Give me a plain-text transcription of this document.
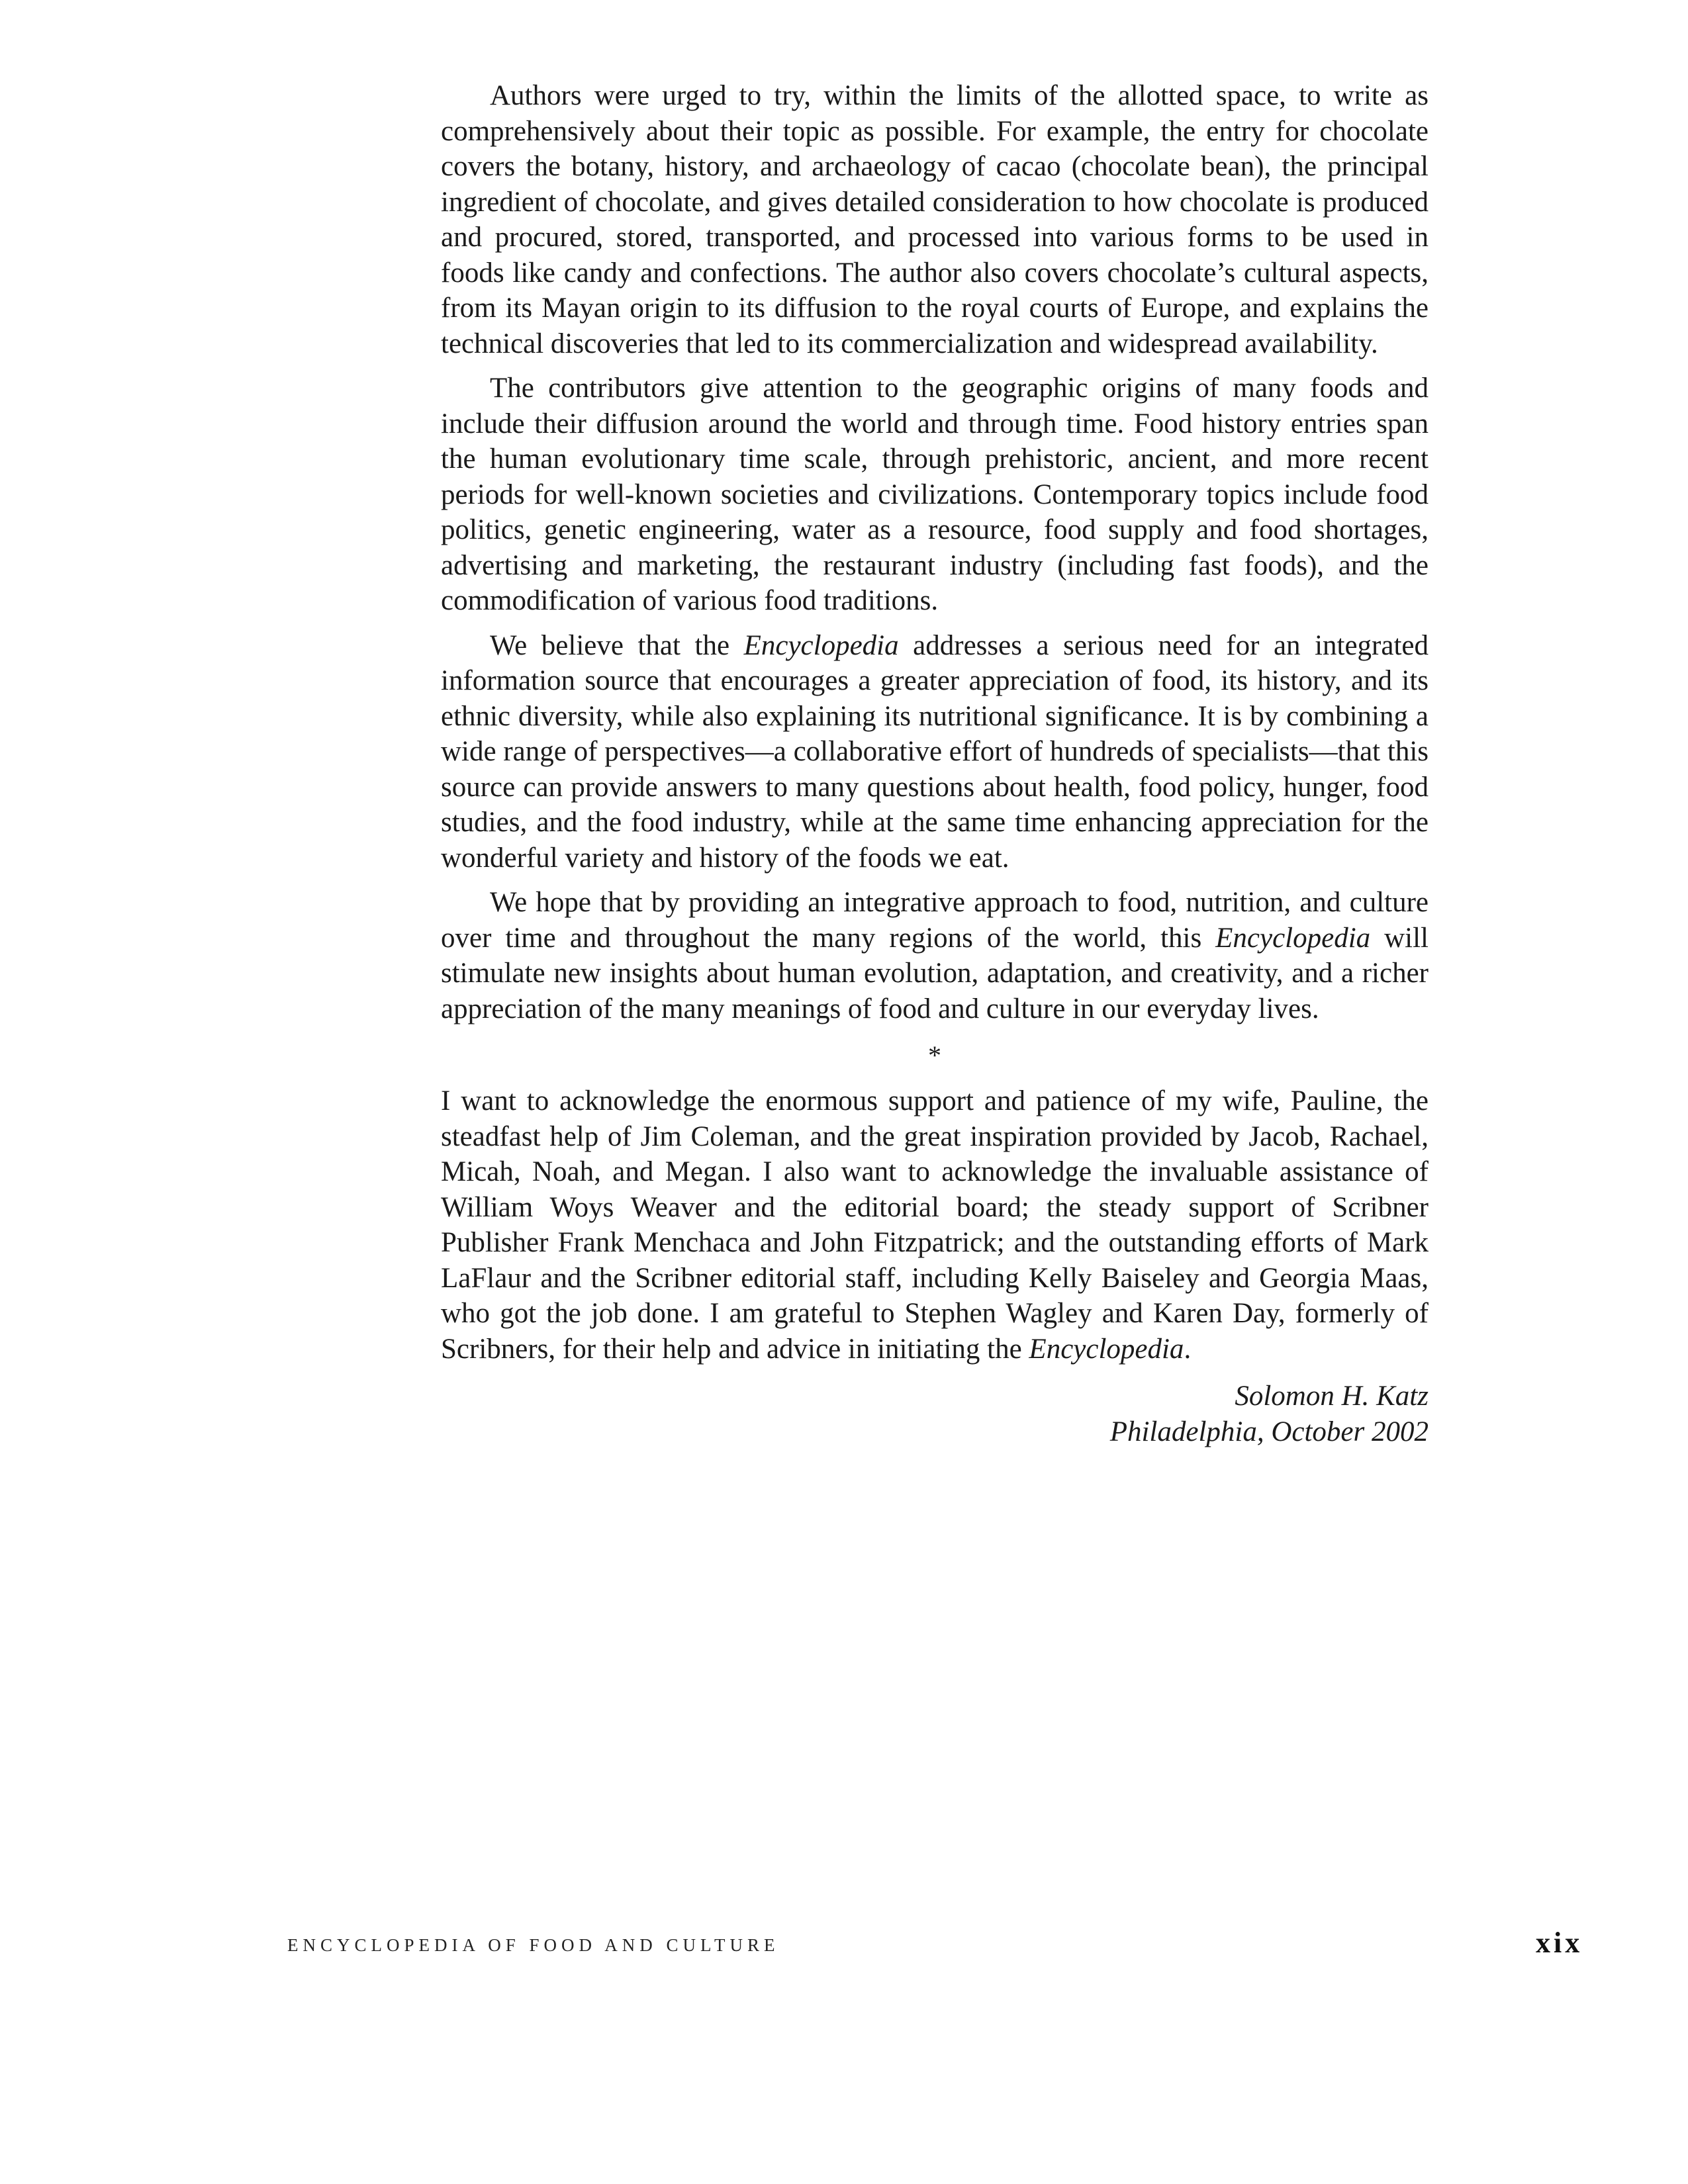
Authors were urged to try, within the limits of the allotted space, to write as comprehensively about their topic as possible. For example, the entry for chocolate covers the botany, history, and archaeology of cacao (chocolate bean), the principal ingredient of chocolate, and gives detailed consideration to how chocolate is produced and procured, stored, transported, and processed into various forms to be used in foods like candy and confections. The author also covers chocolate’s cultural aspects, from its Mayan origin to its diffusion to the royal courts of Europe, and explains the technical discoveries that led to its commercialization and widespread availability.

The contributors give attention to the geographic origins of many foods and include their diffusion around the world and through time. Food history entries span the human evolutionary time scale, through prehistoric, ancient, and more recent periods for well-known societies and civilizations. Contemporary topics include food politics, genetic engineering, water as a resource, food supply and food shortages, advertising and marketing, the restaurant industry (including fast foods), and the commodification of various food traditions.

We believe that the Encyclopedia addresses a serious need for an integrated information source that encourages a greater appreciation of food, its history, and its ethnic diversity, while also explaining its nutritional significance. It is by combining a wide range of perspectives—a collaborative effort of hundreds of specialists—that this source can provide answers to many questions about health, food policy, hunger, food studies, and the food industry, while at the same time enhancing appreciation for the wonderful variety and history of the foods we eat.

We hope that by providing an integrative approach to food, nutrition, and culture over time and throughout the many regions of the world, this Encyclopedia will stimulate new insights about human evolution, adaptation, and creativity, and a richer appreciation of the many meanings of food and culture in our everyday lives.

*

I want to acknowledge the enormous support and patience of my wife, Pauline, the steadfast help of Jim Coleman, and the great inspiration provided by Jacob, Rachael, Micah, Noah, and Megan. I also want to acknowledge the invaluable assistance of William Woys Weaver and the editorial board; the steady support of Scribner Publisher Frank Menchaca and John Fitzpatrick; and the outstanding efforts of Mark LaFlaur and the Scribner editorial staff, including Kelly Baiseley and Georgia Maas, who got the job done. I am grateful to Stephen Wagley and Karen Day, formerly of Scribners, for their help and advice in initiating the Encyclopedia.

Solomon H. Katz
Philadelphia, October 2002
ENCYCLOPEDIA OF FOOD AND CULTURE	xix
